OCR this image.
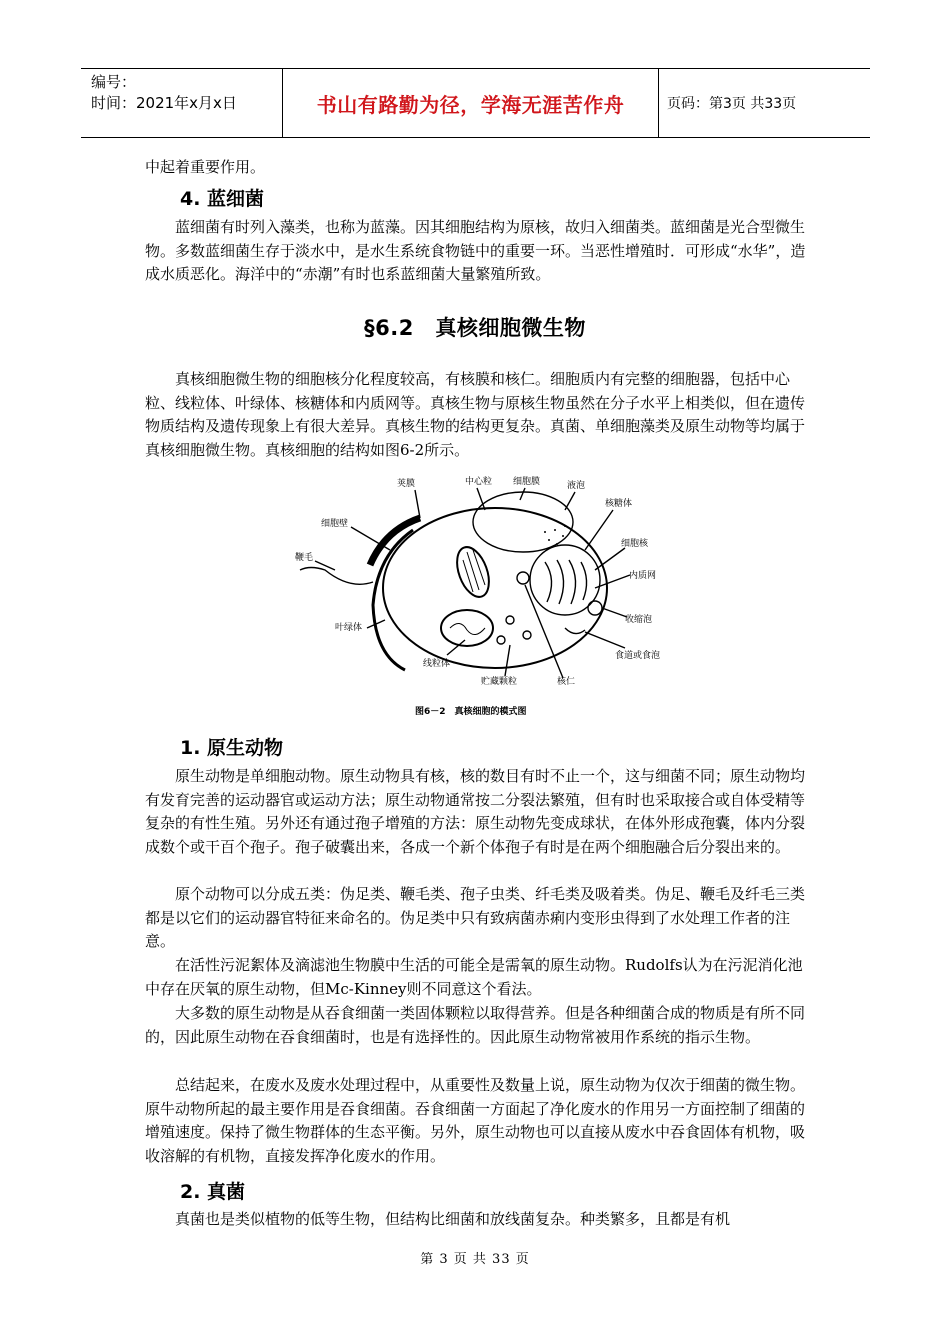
编号：
时间：2021年x月x日	书山有路勤为径，学海无涯苦作舟	页码：第3页 共33页

中起着重要作用。

4. 蓝细菌

蓝细菌有时列入藻类，也称为蓝藻。因其细胞结构为原核，故归入细菌类。蓝细菌是光合型微生物。多数蓝细菌生存于淡水中，是水生系统食物链中的重要一环。当恶性增殖时．可形成“水华”，造成水质恶化。海洋中的“赤潮”有时也系蓝细菌大量繁殖所致。

§6.2　真核细胞微生物

真核细胞微生物的细胞核分化程度较高，有核膜和核仁。细胞质内有完整的细胞器，包括中心粒、线粒体、叶绿体、核糖体和内质网等。真核生物与原核生物虽然在分子水平上相类似，但在遗传物质结构及遗传现象上有很大差异。真核生物的结构更复杂。真菌、单细胞藻类及原生动物等均属于真核细胞微生物。真核细胞的结构如图6-2所示。

荚膜	中心粒 细胞膜	液泡
核糖体
细胞壁
细胞核
鞭毛
内质网
收缩泡
叶绿体
食道或食泡
线粒体
贮藏颗粒	核仁
图6－2　真核细胞的模式图
1. 原生动物

原生动物是单细胞动物。原生动物具有核，核的数目有时不止一个，这与细菌不同；原生动物均有发育完善的运动器官或运动方法；原生动物通常按二分裂法繁殖，但有时也采取接合或自体受精等复杂的有性生殖。另外还有通过孢子增殖的方法：原生动物先变成球状，在体外形成孢囊，体内分裂成数个或干百个孢子。孢子破囊出来，各成一个新个体孢子有时是在两个细胞融合后分裂出来的。

原个动物可以分成五类：伪足类、鞭毛类、孢子虫类、纤毛类及吸着类。伪足、鞭毛及纤毛三类都是以它们的运动器官特征来命名的。伪足类中只有致病菌赤痢内变形虫得到了水处理工作者的注意。

在活性污泥絮体及滴滤池生物膜中生活的可能全是需氧的原生动物。Rudolfs认为在污泥消化池中存在厌氧的原生动物，但Mc-Kinney则不同意这个看法。

大多数的原生动物是从吞食细菌一类固体颗粒以取得营养。但是各种细菌合成的物质是有所不同的，因此原生动物在吞食细菌时，也是有选择性的。因此原生动物常被用作系统的指示生物。

总结起来，在废水及废水处理过程中，从重要性及数量上说，原生动物为仅次于细菌的微生物。原牛动物所起的最主要作用是吞食细菌。吞食细菌一方面起了净化废水的作用另一方面控制了细菌的增殖速度。保持了微生物群体的生态平衡。另外，原生动物也可以直接从废水中吞食固体有机物，吸收溶解的有机物，直接发挥净化废水的作用。

2. 真菌

真菌也是类似植物的低等生物，但结构比细菌和放线菌复杂。种类繁多，且都是有机

第 3 页 共 33 页
